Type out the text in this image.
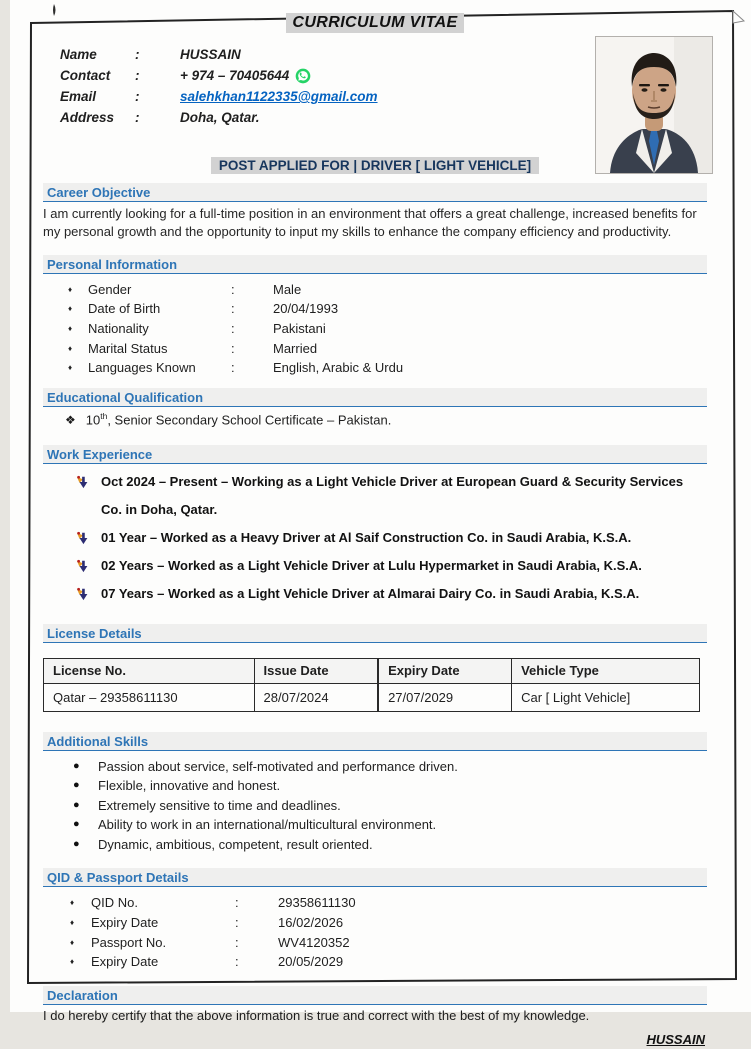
CURRICULUM VITAE
Name	:	HUSSAIN
Contact	:	+ 974 – 70405644
Email	:	salehkhan1122335@gmail.com
Address	:	Doha, Qatar.
POST APPLIED FOR | DRIVER [ LIGHT VEHICLE]
Career Objective

I am currently looking for a full-time position in an environment that offers a great challenge, increased benefits for my personal growth and the opportunity to input my skills to enhance the company efficiency and productivity.

Personal Information
♦	Gender	:	Male
♦	Date of Birth	:	20/04/1993
♦	Nationality	:	Pakistani
♦	Marital Status	:	Married
♦	Languages Known	:	English, Arabic & Urdu
Educational Qualification
❖ 10th, Senior Secondary School Certificate – Pakistan.
Work Experience
Oct 2024 – Present – Working as a Light Vehicle Driver at European Guard & Security Services Co. in Doha, Qatar.
01 Year – Worked as a Heavy Driver at Al Saif Construction Co. in Saudi Arabia, K.S.A.
02 Years – Worked as a Light Vehicle Driver at Lulu Hypermarket in Saudi Arabia, K.S.A.
07 Years – Worked as a Light Vehicle Driver at Almarai Dairy Co. in Saudi Arabia, K.S.A.
License Details
License No.	Issue Date	Expiry Date	Vehicle Type
Qatar – 29358611130	28/07/2024	27/07/2029	Car [ Light Vehicle]
Additional Skills
●	Passion about service, self-motivated and performance driven.
●	Flexible, innovative and honest.
●	Extremely sensitive to time and deadlines.
●	Ability to work in an international/multicultural environment.
●	Dynamic, ambitious, competent, result oriented.
QID & Passport Details
♦	QID No.	:	29358611130
♦	Expiry Date	:	16/02/2026
♦	Passport No.	:	WV4120352
♦	Expiry Date	:	20/05/2029
Declaration

I do hereby certify that the above information is true and correct with the best of my knowledge.

HUSSAIN
